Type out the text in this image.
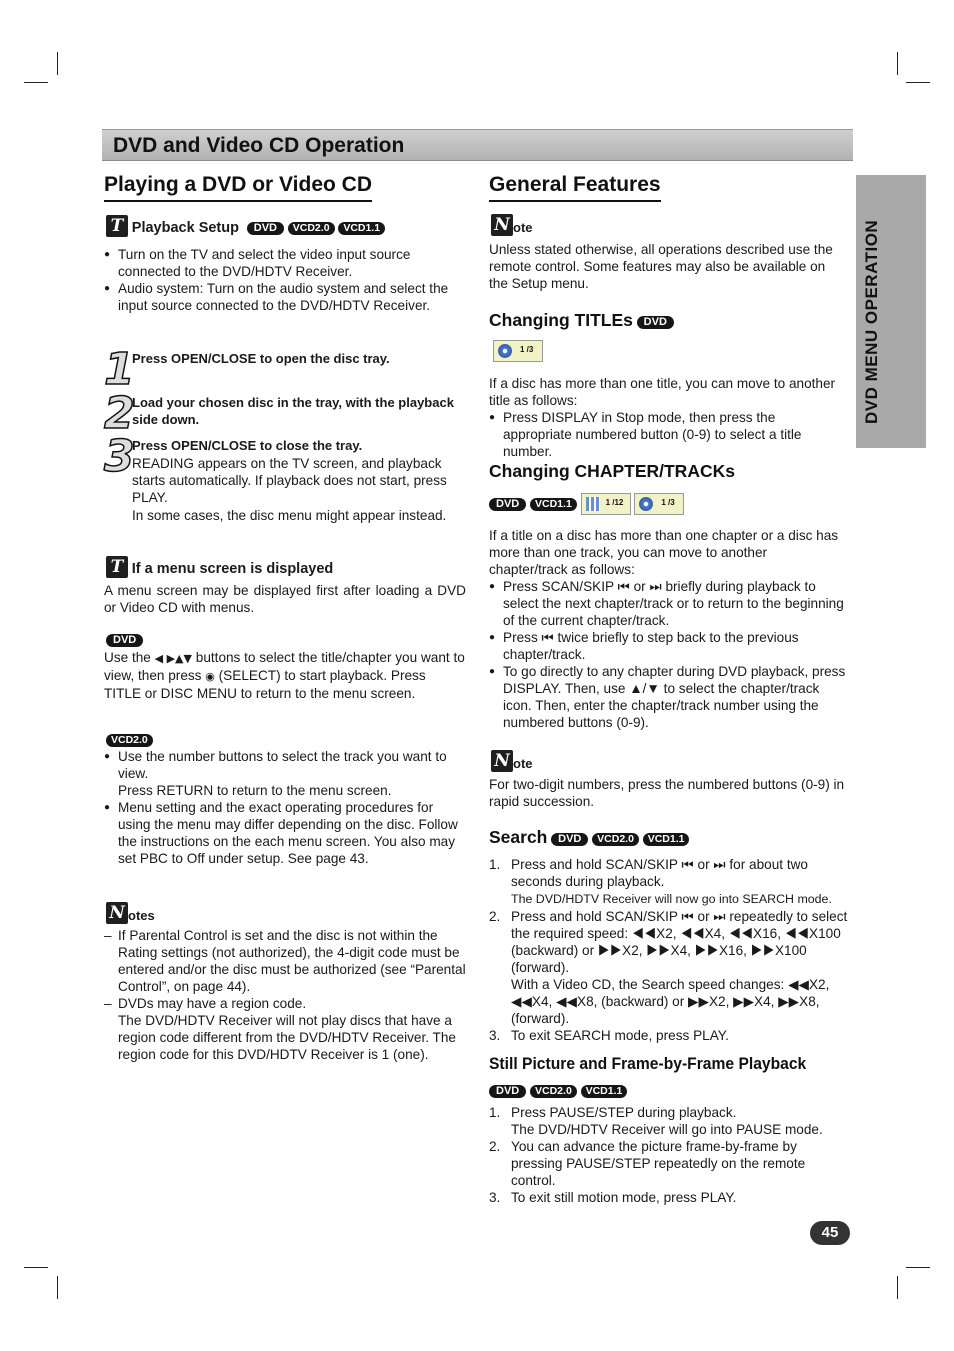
DVD and Video CD Operation
DVD MENU OPERATION
Playing a DVD or Video CD
T Playback Setup DVD VCD2.0 VCD1.1
● Turn on the TV and select the video input source connected to the DVD/HDTV Receiver.
● Audio system: Turn on the audio system and select the input source connected to the DVD/HDTV Receiver.
1
Press OPEN/CLOSE to open the disc tray.
2
Load your chosen disc in the tray, with the playback side down.
3
Press OPEN/CLOSE to close the tray.
READING appears on the TV screen, and playback starts automatically. If playback does not start, press PLAY.
In some cases, the disc menu might appear instead.
T If a menu screen is displayed
A menu screen may be displayed first after loading a DVD or Video CD with menus.
DVD
Use the ◀ ▶▲▼ buttons to select the title/chapter you want to view, then press ◉ (SELECT) to start playback. Press TITLE or DISC MENU to return to the menu screen.
VCD2.0
● Use the number buttons to select the track you want to view.
Press RETURN to return to the menu screen.
● Menu setting and the exact operating procedures for using the menu may differ depending on the disc. Follow the instructions on the each menu screen. You also may set PBC to Off under setup. See page 43.
N otes
– If Parental Control is set and the disc is not within the Rating settings (not authorized), the 4-digit code must be entered and/or the disc must be authorized (see “Parental Control”, on page 44).
– DVDs may have a region code.
The DVD/HDTV Receiver will not play discs that have a region code different from the DVD/HDTV Receiver. The region code for this DVD/HDTV Receiver is 1 (one).
General Features
N ote
Unless stated otherwise, all operations described use the remote control. Some features may also be available on the Setup menu.
Changing TITLEs DVD
1 /3
If a disc has more than one title, you can move to another title as follows:
● Press DISPLAY in Stop mode, then press the appropriate numbered button (0-9) to select a title number.
Changing CHAPTER/TRACKs
DVD VCD1.1	1 /12
	1 /3
If a title on a disc has more than one chapter or a disc has more than one track, you can move to another chapter/track as follows:
● Press SCAN/SKIP ⏮ or ⏭ briefly during playback to select the next chapter/track or to return to the beginning of the current chapter/track.
● Press ⏮ twice briefly to step back to the previous chapter/track.
● To go directly to any chapter during DVD playback, press DISPLAY. Then, use ▲/▼ to select the chapter/track icon. Then, enter the chapter/track number using the numbered buttons (0-9).
N ote
For two-digit numbers, press the numbered buttons (0-9) in rapid succession.
Search DVD VCD2.0 VCD1.1
1. Press and hold SCAN/SKIP ⏮ or ⏭ for about two seconds during playback.
The DVD/HDTV Receiver will now go into SEARCH mode.
2. Press and hold SCAN/SKIP ⏮ or ⏭ repeatedly to select the required speed: ◀◀X2, ◀◀X4, ◀◀X16, ◀◀X100 (backward) or ▶▶X2, ▶▶X4, ▶▶X16, ▶▶X100 (forward).
With a Video CD, the Search speed changes: ◀◀X2, ◀◀X4, ◀◀X8, (backward) or ▶▶X2, ▶▶X4, ▶▶X8, (forward).
3. To exit SEARCH mode, press PLAY.
Still Picture and Frame-by-Frame Playback
DVD VCD2.0 VCD1.1
1. Press PAUSE/STEP during playback.
The DVD/HDTV Receiver will go into PAUSE mode.
2. You can advance the picture frame-by-frame by pressing PAUSE/STEP repeatedly on the remote control.
3. To exit still motion mode, press PLAY.
45
